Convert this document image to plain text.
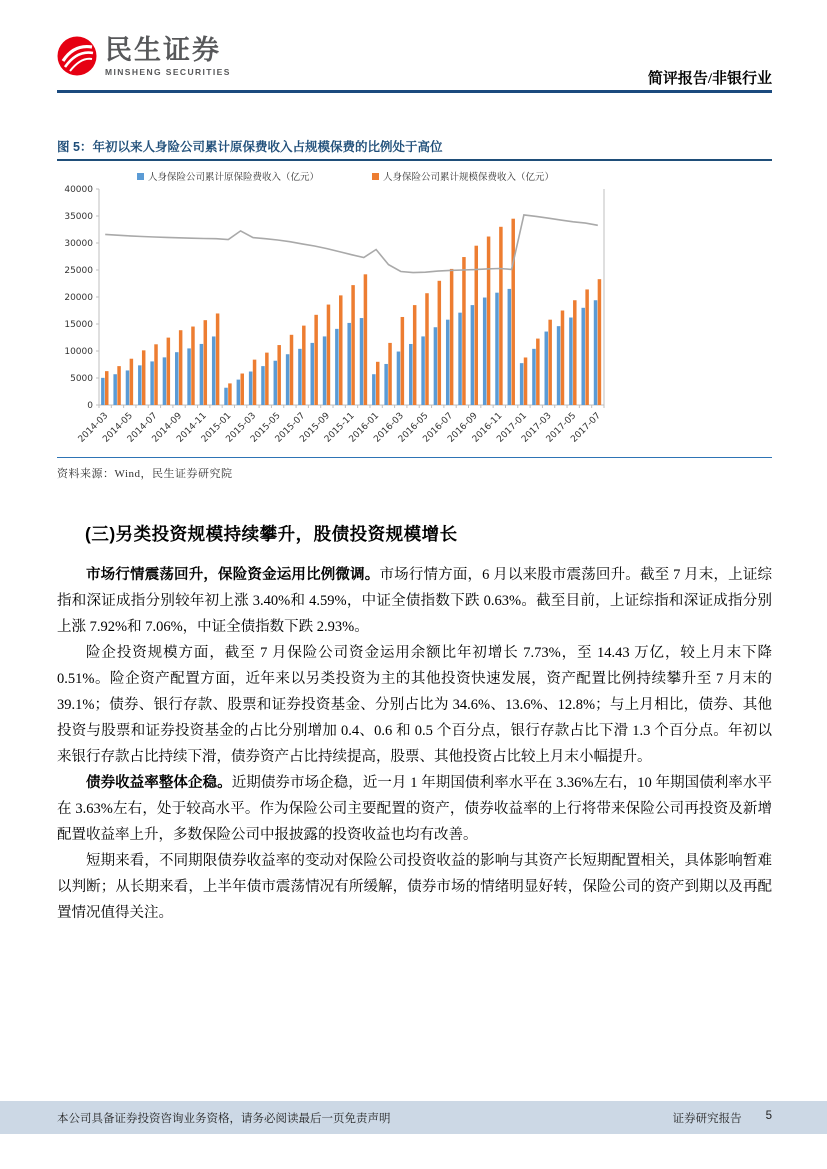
民生证券
MINSHENG SECURITIES	简评报告/非银行业
图 5：年初以来人身险公司累计原保费收入占规模保费的比例处于高位
0
5000
10000
15000
20000
25000
30000
35000
40000
2014-03
2014-05
2014-07
2014-09
2014-11
2015-01
2015-03
2015-05
2015-07
2015-09
2015-11
2016-01
2016-03
2016-05
2016-07
2016-09
2016-11
2017-01
2017-03
2017-05
2017-07
人身保险公司累计原保险费收入（亿元）	人身保险公司累计规模保费收入（亿元）
资料来源：Wind，民生证券研究院
(三)另类投资规模持续攀升，股债投资规模增长

市场行情震荡回升，保险资金运用比例微调。市场行情方面，6 月以来股市震荡回升。截至 7 月末，上证综指和深证成指分别较年初上涨 3.40%和 4.59%，中证全债指数下跌 0.63%。截至目前，上证综指和深证成指分别上涨 7.92%和 7.06%，中证全债指数下跌 2.93%。

险企投资规模方面，截至 7 月保险公司资金运用余额比年初增长 7.73%，至 14.43 万亿，较上月末下降 0.51%。险企资产配置方面，近年来以另类投资为主的其他投资快速发展，资产配置比例持续攀升至 7 月末的 39.1%；债券、银行存款、股票和证券投资基金、分别占比为 34.6%、13.6%、12.8%；与上月相比，债券、其他投资与股票和证券投资基金的占比分别增加 0.4、0.6 和 0.5 个百分点，银行存款占比下滑 1.3 个百分点。年初以来银行存款占比持续下滑，债券资产占比持续提高，股票、其他投资占比较上月末小幅提升。

债券收益率整体企稳。近期债券市场企稳，近一月 1 年期国债利率水平在 3.36%左右，10 年期国债利率水平在 3.63%左右，处于较高水平。作为保险公司主要配置的资产，债券收益率的上行将带来保险公司再投资及新增配置收益率上升，多数保险公司中报披露的投资收益也均有改善。

短期来看，不同期限债券收益率的变动对保险公司投资收益的影响与其资产长短期配置相关，具体影响暂难以判断；从长期来看，上半年债市震荡情况有所缓解，债券市场的情绪明显好转，保险公司的资产到期以及再配置情况值得关注。

本公司具备证券投资咨询业务资格，请务必阅读最后一页免责声明	证券研究报告 5
